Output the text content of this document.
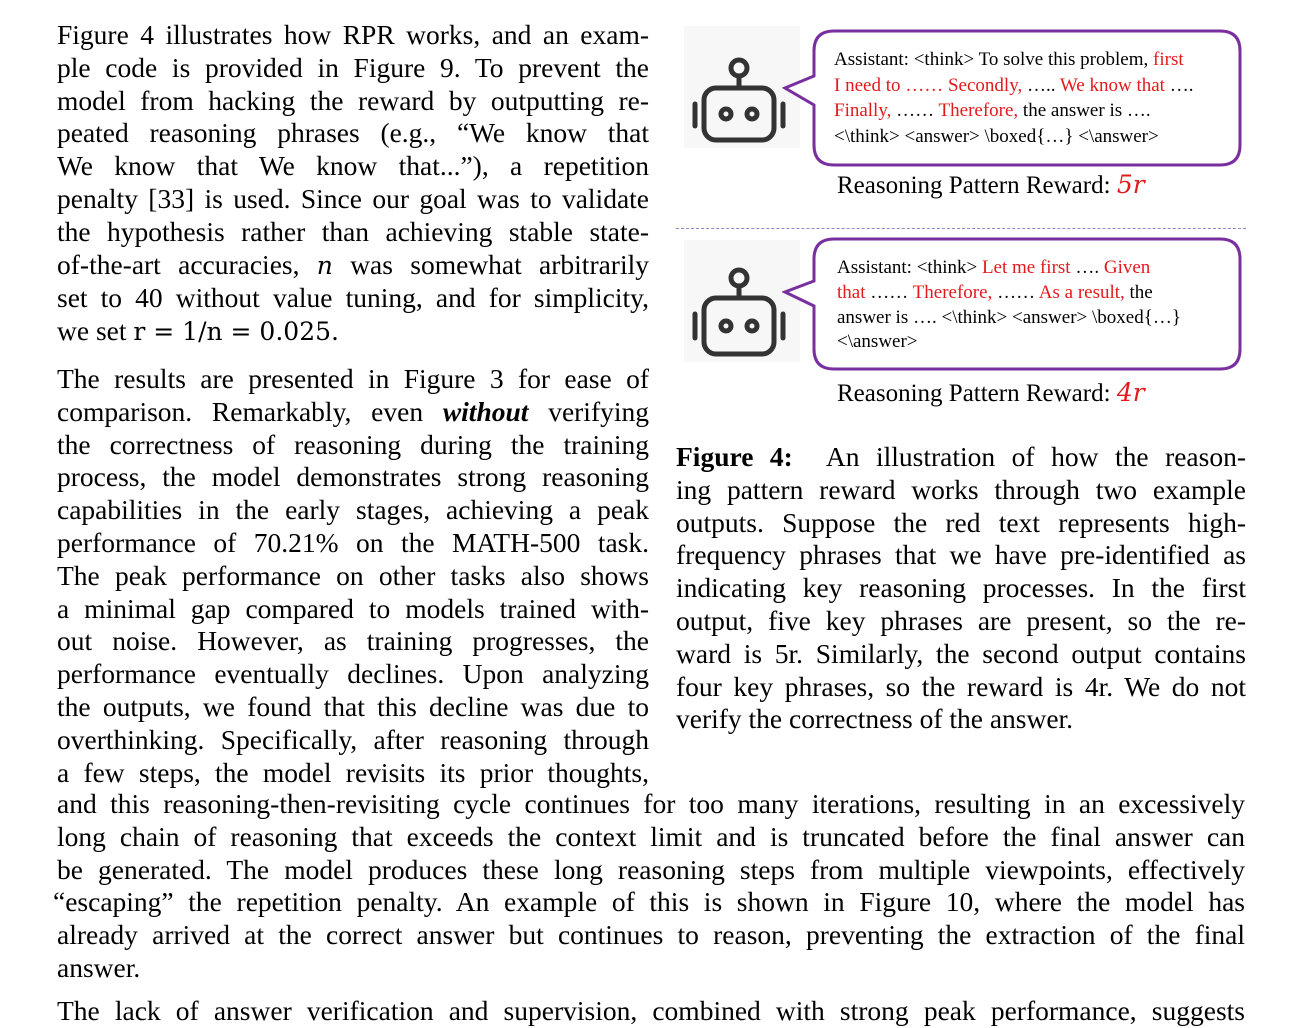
Figure 4 illustrates how RPR works, and an exam-
ple code is provided in Figure 9. To prevent the
model from hacking the reward by outputting re-
peated reasoning phrases (e.g., “We know that
We know that We know that...”), a repetition
penalty [33] is used. Since our goal was to validate
the hypothesis rather than achieving stable state-
of-the-art accuracies, n was somewhat arbitrarily
set to 40 without value tuning, and for simplicity,
we set r = 1/n = 0.025.
The results are presented in Figure 3 for ease of
comparison. Remarkably, even without verifying
the correctness of reasoning during the training
process, the model demonstrates strong reasoning
capabilities in the early stages, achieving a peak
performance of 70.21% on the MATH-500 task.
The peak performance on other tasks also shows
a minimal gap compared to models trained with-
out noise. However, as training progresses, the
performance eventually declines. Upon analyzing
the outputs, we found that this decline was due to
overthinking. Specifically, after reasoning through
a few steps, the model revisits its prior thoughts,
and this reasoning-then-revisiting cycle continues for too many iterations, resulting in an excessively
long chain of reasoning that exceeds the context limit and is truncated before the final answer can
be generated. The model produces these long reasoning steps from multiple viewpoints, effectively
“escaping” the repetition penalty. An example of this is shown in Figure 10, where the model has
already arrived at the correct answer but continues to reason, preventing the extraction of the final
answer.
The lack of answer verification and supervision, combined with strong peak performance, suggests
Assistant: <think> To solve this problem, first
I need to …… Secondly, ….. We know that ….
Finally, …… Therefore, the answer is ….
<\think> <answer> \boxed{…} <\answer>
Reasoning Pattern Reward: 5r
Assistant: <think> Let me first …. Given
that …… Therefore, …… As a result, the
answer is …. <\think> <answer> \boxed{…}
<\answer>
Reasoning Pattern Reward: 4r
Figure 4: An illustration of how the reason-
ing pattern reward works through two example
outputs. Suppose the red text represents high-
frequency phrases that we have pre-identified as
indicating key reasoning processes. In the first
output, five key phrases are present, so the re-
ward is 5r. Similarly, the second output contains
four key phrases, so the reward is 4r. We do not
verify the correctness of the answer.
